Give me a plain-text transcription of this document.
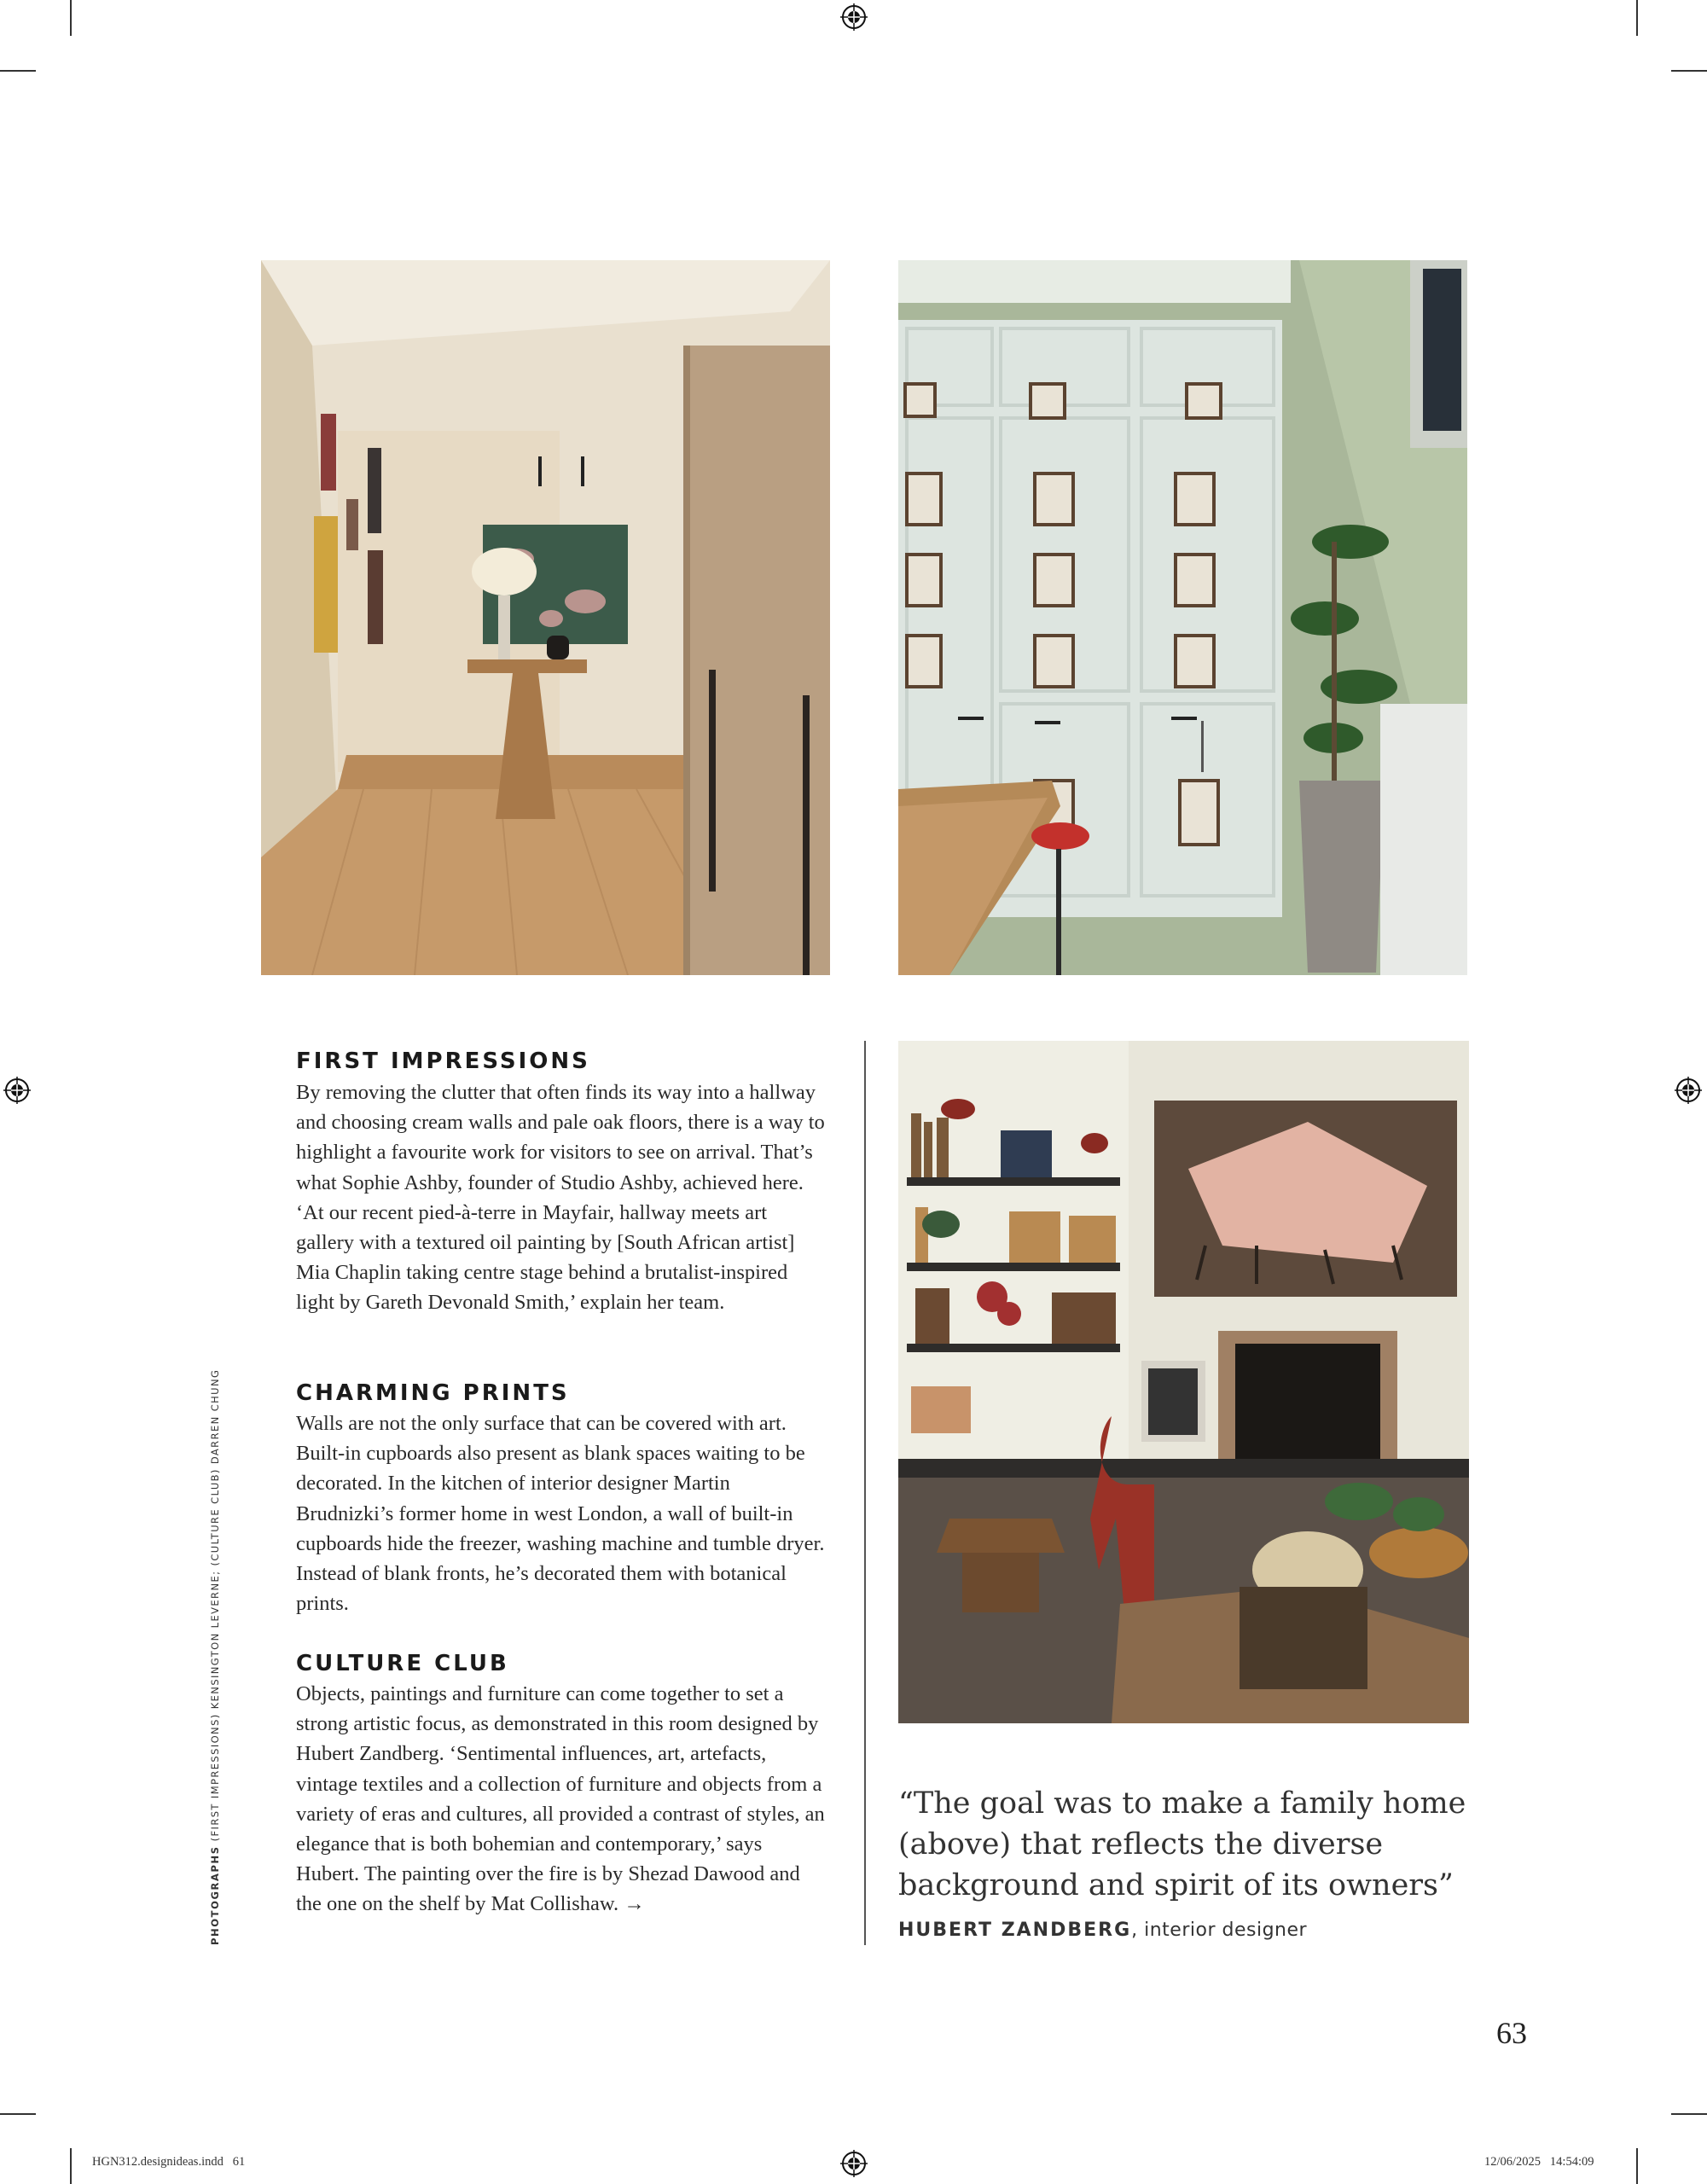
FIRST IMPRESSIONS

By removing the clutter that often finds its way into a hallway and choosing cream walls and pale oak floors, there is a way to highlight a favourite work for visitors to see on arrival. That’s what Sophie Ashby, founder of Studio Ashby, achieved here. ‘At our recent pied-à-terre in Mayfair, hallway meets art gallery with a textured oil painting by [South African artist] Mia Chaplin taking centre stage behind a brutalist-inspired light by Gareth Devonald Smith,’ explain her team.

CHARMING PRINTS

Walls are not the only surface that can be covered with art. Built-in cupboards also present as blank spaces waiting to be decorated. In the kitchen of interior designer Martin Brudnizki’s former home in west London, a wall of built-in cupboards hide the freezer, washing machine and tumble dryer. Instead of blank fronts, he’s decorated them with botanical prints.

CULTURE CLUB

Objects, paintings and furniture can come together to set a strong artistic focus, as demonstrated in this room designed by Hubert Zandberg. ‘Sentimental influences, art, artefacts, vintage textiles and a collection of furniture and objects from a variety of eras and cultures, all provided a contrast of styles, an elegance that is both bohemian and contemporary,’ says Hubert. The painting over the fire is by Shezad Dawood and the one on the shelf by Mat Collishaw. →

“The goal was to make a family home (above) that reflects the diverse background and spirit of its owners”

HUBERT ZANDBERG, interior designer

PHOTOGRAPHS (FIRST IMPRESSIONS) KENSINGTON LEVERNE; (CULTURE CLUB) DARREN CHUNG

63

HGN312.designideas.indd   61	12/06/2025   14:54:09
